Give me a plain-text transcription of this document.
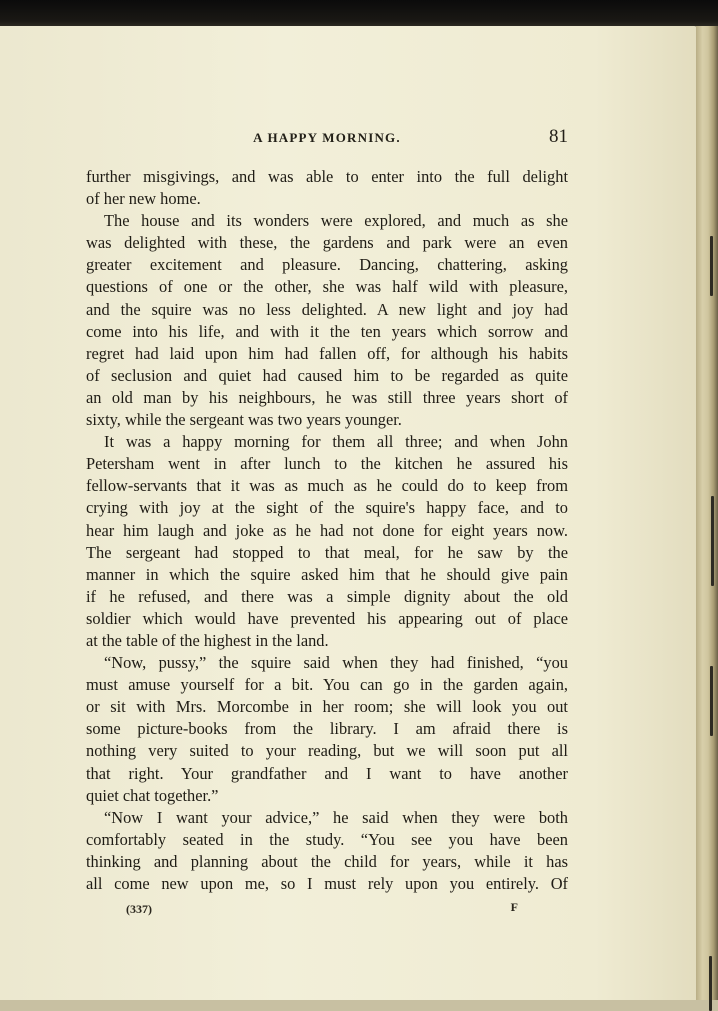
A HAPPY MORNING.	81
further misgivings, and was able to enter into the full delight
of her new home.
The house and its wonders were explored, and much as she
was delighted with these, the gardens and park were an even
greater excitement and pleasure. Dancing, chattering, asking
questions of one or the other, she was half wild with pleasure,
and the squire was no less delighted. A new light and joy had
come into his life, and with it the ten years which sorrow and
regret had laid upon him had fallen off, for although his habits
of seclusion and quiet had caused him to be regarded as quite
an old man by his neighbours, he was still three years short of
sixty, while the sergeant was two years younger.
It was a happy morning for them all three; and when John
Petersham went in after lunch to the kitchen he assured his
fellow-servants that it was as much as he could do to keep from
crying with joy at the sight of the squire's happy face, and to
hear him laugh and joke as he had not done for eight years now.
The sergeant had stopped to that meal, for he saw by the
manner in which the squire asked him that he should give pain
if he refused, and there was a simple dignity about the old
soldier which would have prevented his appearing out of place
at the table of the highest in the land.
“Now, pussy,” the squire said when they had finished, “you
must amuse yourself for a bit. You can go in the garden again,
or sit with Mrs. Morcombe in her room; she will look you out
some picture-books from the library. I am afraid there is
nothing very suited to your reading, but we will soon put all
that right. Your grandfather and I want to have another
quiet chat together.”
“Now I want your advice,” he said when they were both
comfortably seated in the study. “You see you have been
thinking and planning about the child for years, while it has
all come new upon me, so I must rely upon you entirely. Of
(337)	F
